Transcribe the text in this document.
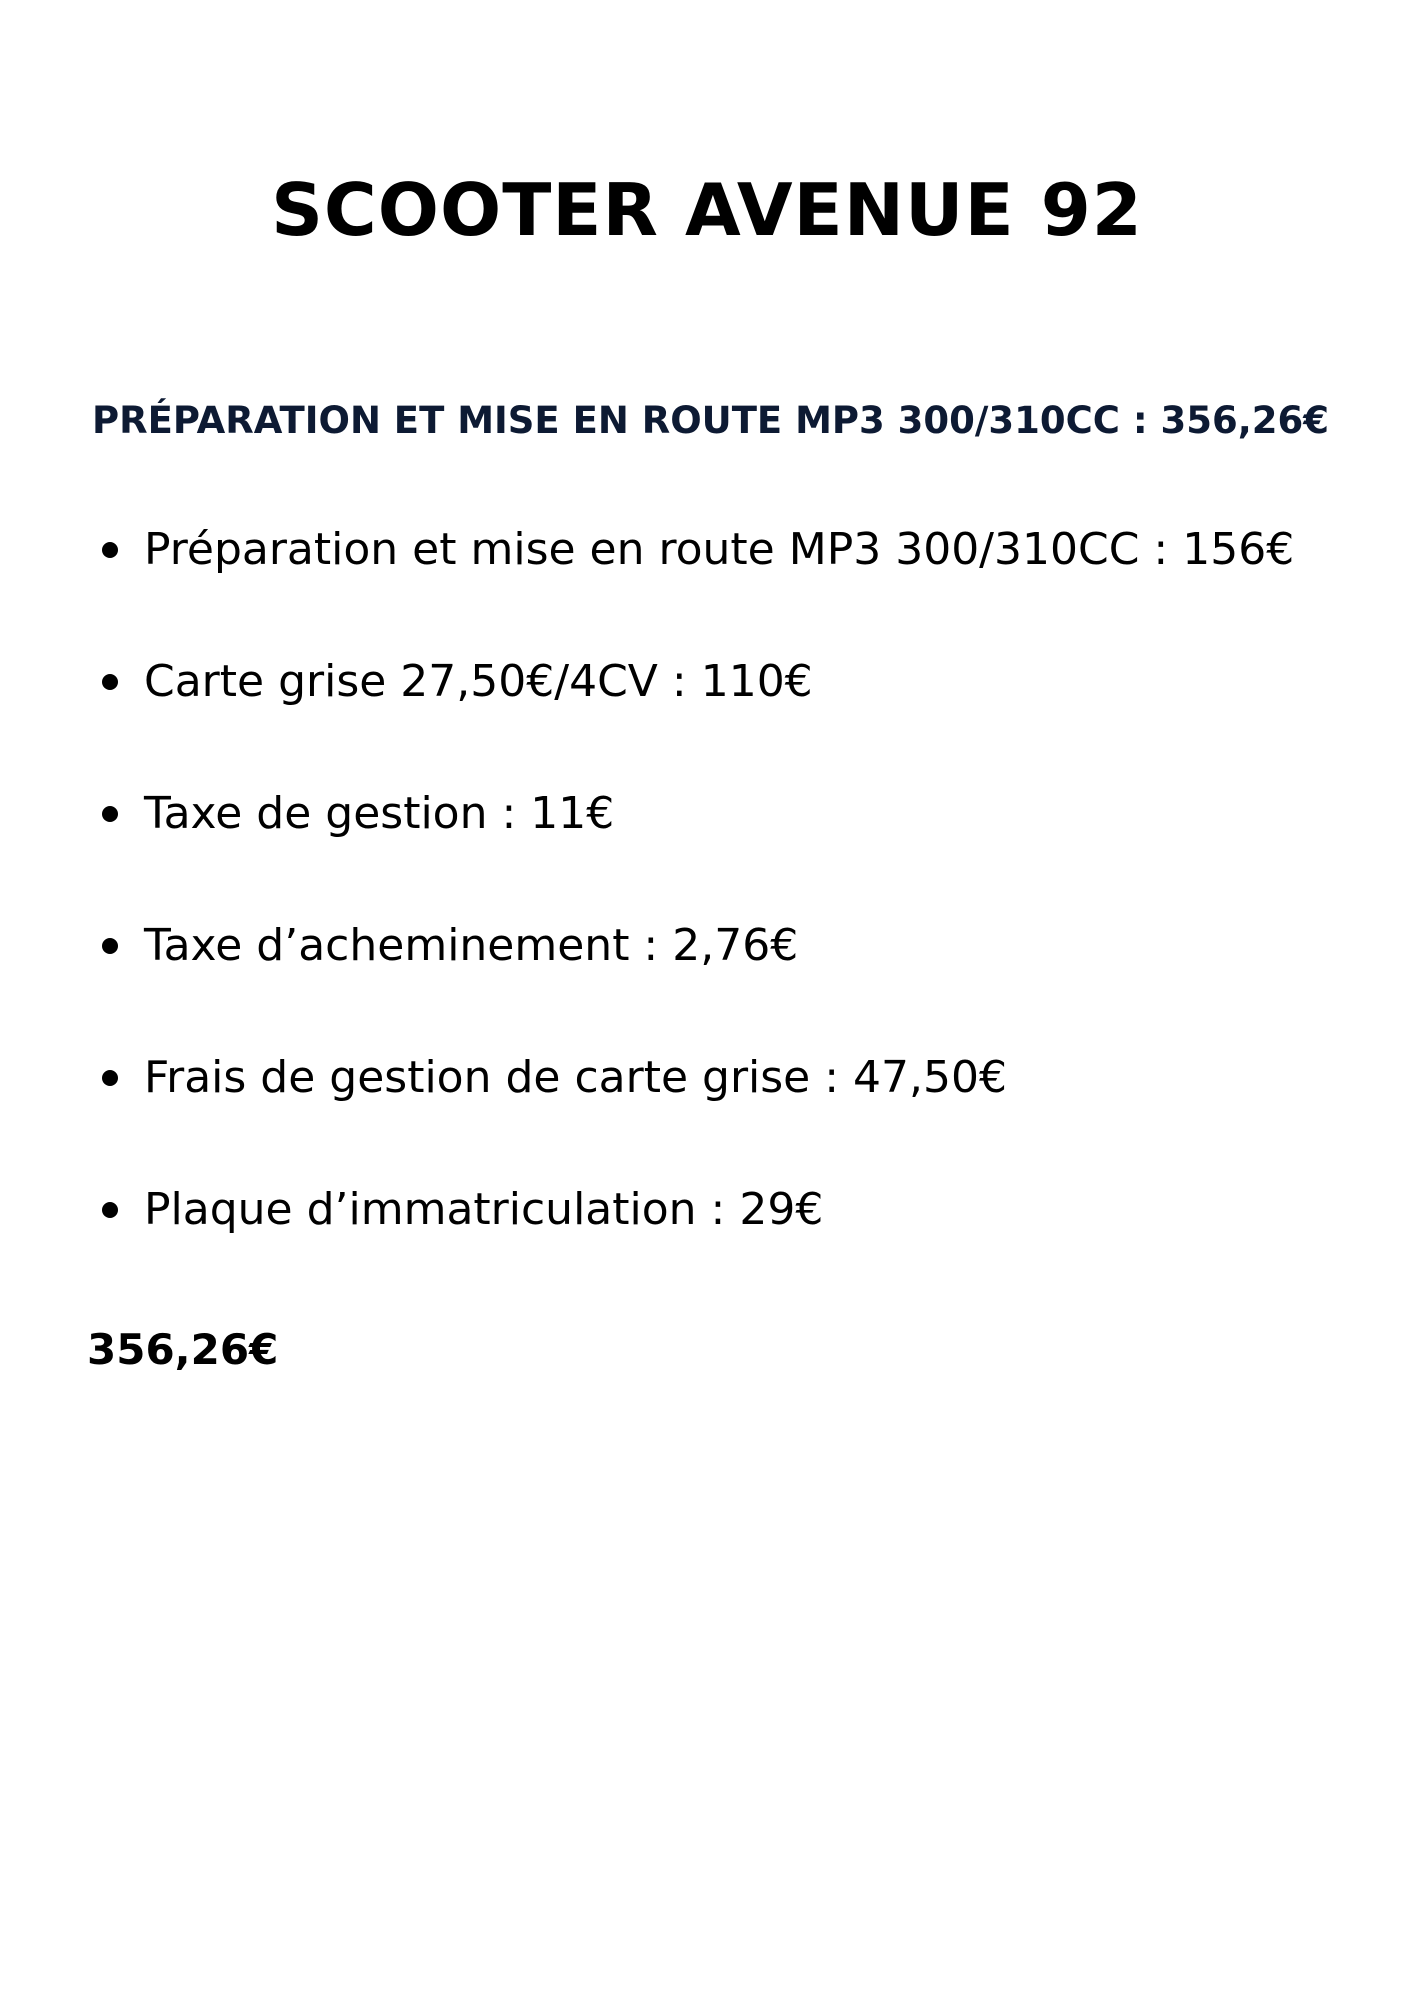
SCOOTER AVENUE 92
PRÉPARATION ET MISE EN ROUTE MP3 300/310CC : 356,26€
Préparation et mise en route MP3 300/310CC : 156€
Carte grise 27,50€/4CV : 110€
Taxe de gestion : 11€
Taxe d’acheminement : 2,76€
Frais de gestion de carte grise : 47,50€
Plaque d’immatriculation : 29€

356,26€
